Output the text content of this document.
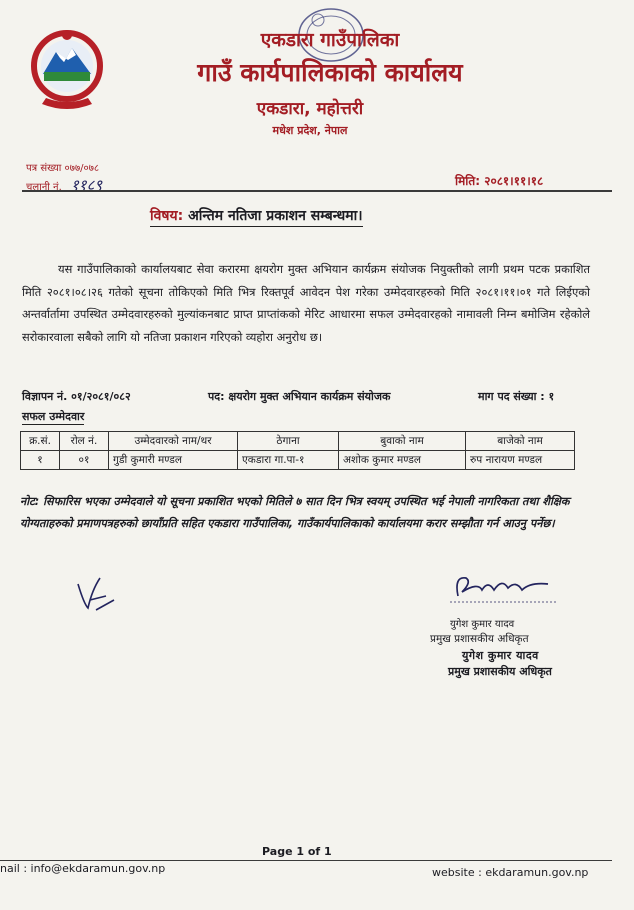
एकडारा गाउँपालिका
गाउँ कार्यपालिकाको कार्यालय
एकडारा, महोत्तरी
मधेश प्रदेश, नेपाल
पत्र संख्या ०७७/०७८
चलानी नं. ११८९	मिति: २०८१।११।१८
विषय: अन्तिम नतिजा प्रकाशन सम्बन्धमा।

यस गाउँपालिकाको कार्यालयबाट सेवा करारमा क्षयरोग मुक्त अभियान कार्यक्रम संयोजक नियुक्तीको लागी प्रथम पटक प्रकाशित मिति २०८१।०८।२६ गतेको सूचना तोकिएको मिति भित्र रिक्तपूर्व आवेदन पेश गरेका उम्मेदवारहरुको मिति २०८१।११।०१ गते लिईएको अन्तर्वार्तामा उपस्थित उम्मेदवारहरुको मुल्यांकनबाट प्राप्त प्राप्तांकको मेरिट आधारमा सफल उम्मेदवारहको नामावली निम्न बमोजिम रहेकोले सरोकारवाला सबैको लागि यो नतिजा प्रकाशन गरिएको व्यहोरा अनुरोध छ।

विज्ञापन नं. ०१/२०८१/०८२	पद: क्षयरोग मुक्त अभियान कार्यक्रम संयोजक	माग पद संख्या : १
सफल उम्मेदवार
क्र.सं.	रोल नं.	उम्मेदवारको नाम/थर	ठेगाना	बुवाको नाम	बाजेको नाम
१	०१	गुडी कुमारी मण्डल	एकडारा गा.पा-१	अशोक कुमार मण्डल	रुप नारायण मण्डल
नोट: सिफारिस भएका उम्मेदवाले यो सूचना प्रकाशित भएको मितिले ७ सात दिन भित्र स्वयम् उपस्थित भई नेपाली नागरिकता तथा शैक्षिक योग्यताहरुको प्रमाणपत्रहरुको छायाँप्रति सहित एकडारा गाउँपालिका, गाउँकार्यपालिकाको कार्यालयमा करार सम्झौता गर्न आउनु पर्नेछ।
युगेश कुमार यादव
प्रमुख प्रशासकीय अधिकृत
युगेश कुमार यादव
प्रमुख प्रशासकीय अधिकृत
Page 1 of 1
nail : info@ekdaramun.gov.np	website : ekdaramun.gov.np
